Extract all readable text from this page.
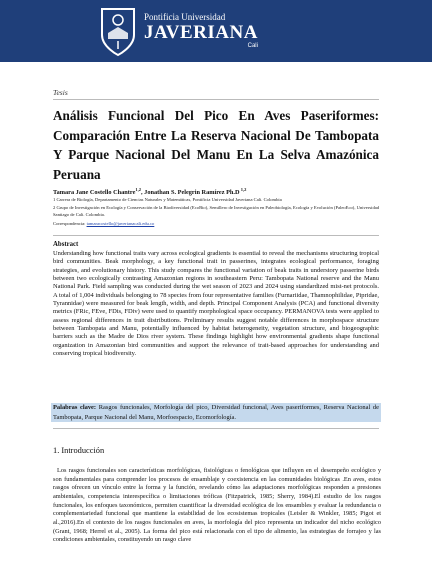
Pontificia Universidad
JAVERIANA
Cali
Tesis
Análisis Funcional Del Pico En Aves Paseriformes: Comparación Entre La Reserva Nacional De Tambopata Y Parque Nacional Del Manu En La Selva Amazónica Peruana
Tamara Jane Costello Chantre$^{1,2}$, Jonathan S. Pelegrin Ramírez Ph.D $^{1,2}$
1 Carrera de Biología, Departamento de Ciencias Naturales y Matemáticas, Pontificia Universidad Javeriana Cali. Colombia
2 Grupo de Investigación en Ecología y Conservación de la Biodiversidad (EcoBio), Semillero de Investigación en Paleobiología, Ecología y Evolución (PaleoEco), Universidad Santiago de Cali. Colombia.
Correspondencia: tamaracostello@javerianacali.edu.co
Abstract

Understanding how functional traits vary across ecological gradients is essential to reveal the mechanisms structuring tropical bird communities. Beak morphology, a key functional trait in passerines, integrates ecological performance, foraging strategies, and evolutionary history. This study compares the functional variation of beak traits in understory passerine birds between two ecologically contrasting Amazonian regions in southeastern Peru: Tambopata National reserve and the Manu National Park. Field sampling was conducted during the wet season of 2023 and 2024 using standardized mist-net protocols. A total of 1,004 individuals belonging to 78 species from four representative families (Furnariidae, Thamnophilidae, Pipridae, Tyrannidae) were measured for beak length, width, and depth. Principal Component Analysis (PCA) and functional diversity metrics (FRic, FEve, FDis, FDiv) were used to quantify morphological space occupancy. PERMANOVA tests were applied to assess regional differences in trait distributions. Preliminary results suggest notable differences in morphospace structure between Tambopata and Manu, potentially influenced by habitat heterogeneity, vegetation structure, and biogeographic barriers such as the Madre de Dios river system. These findings highlight how environmental gradients shape functional organization in Amazonian bird communities and support the relevance of trait-based approaches for understanding and conserving tropical biodiversity.

Palabras clave: Rasgos funcionales, Morfología del pico, Diversidad funcional, Aves paseriformes, Reserva Nacional de Tambopata, Parque Nacional del Manu, Morfoespacio, Ecomorfología.
1. Introducción

Los rasgos funcionales son características morfológicas, fisiológicas o fenológicas que influyen en el desempeño ecológico y son fundamentales para comprender los procesos de ensamblaje y coexistencia en las comunidades biológicas .En aves, estos rasgos ofrecen un vínculo entre la forma y la función, revelando cómo las adaptaciones morfológicas responden a presiones ambientales, competencia interespecífica o limitaciones tróficas (Fitzpatrick, 1985; Sherry, 1984).El estudio de los rasgos funcionales, los enfoques taxonómicos, permiten cuantificar la diversidad ecológica de los ensambles y evaluar la redundancia o complementariedad funcional que mantiene la estabilidad de los ecosistemas tropicales (Leisler & Winkler, 1985; Pigot et al.,2016).En el contexto de los rasgos funcionales en aves, la morfología del pico representa un indicador del nicho ecológico (Grant, 1968; Herrel et al., 2005). La forma del pico está relacionada con el tipo de alimento, las estrategias de forrajeo y las condiciones ambientales, constituyendo un rasgo clave
